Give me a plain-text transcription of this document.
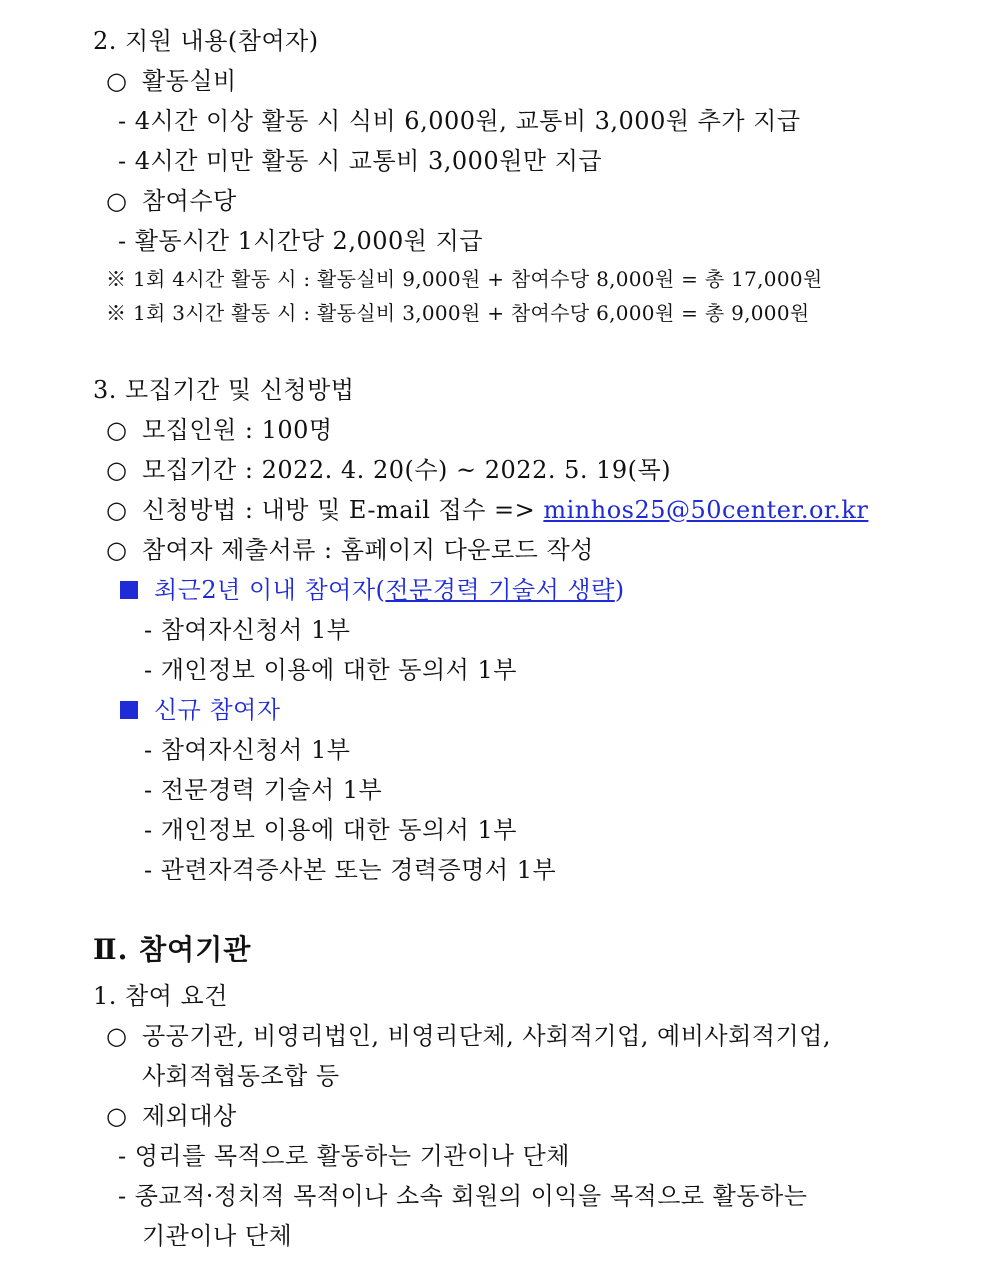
2. 지원 내용(참여자)
○ 활동실비
- 4시간 이상 활동 시 식비 6,000원, 교통비 3,000원 추가 지급
- 4시간 미만 활동 시 교통비 3,000원만 지급
○ 참여수당
- 활동시간 1시간당 2,000원 지급
※ 1회 4시간 활동 시 : 활동실비 9,000원 + 참여수당 8,000원 = 총 17,000원
※ 1회 3시간 활동 시 : 활동실비 3,000원 + 참여수당 6,000원 = 총 9,000원
3. 모집기간 및 신청방법
○ 모집인원 : 100명
○ 모집기간 : 2022. 4. 20(수) ~ 2022. 5. 19(목)
○ 신청방법 : 내방 및 E-mail 접수 => minhos25@50center.or.kr
○ 참여자 제출서류 : 홈페이지 다운로드 작성
최근2년 이내 참여자(전문경력 기술서 생략)
- 참여자신청서 1부
- 개인정보 이용에 대한 동의서 1부
신규 참여자
- 참여자신청서 1부
- 전문경력 기술서 1부
- 개인정보 이용에 대한 동의서 1부
- 관련자격증사본 또는 경력증명서 1부
Ⅱ. 참여기관
1. 참여 요건
○ 공공기관, 비영리법인, 비영리단체, 사회적기업, 예비사회적기업,
사회적협동조합 등
○ 제외대상
- 영리를 목적으로 활동하는 기관이나 단체
- 종교적·정치적 목적이나 소속 회원의 이익을 목적으로 활동하는
기관이나 단체
